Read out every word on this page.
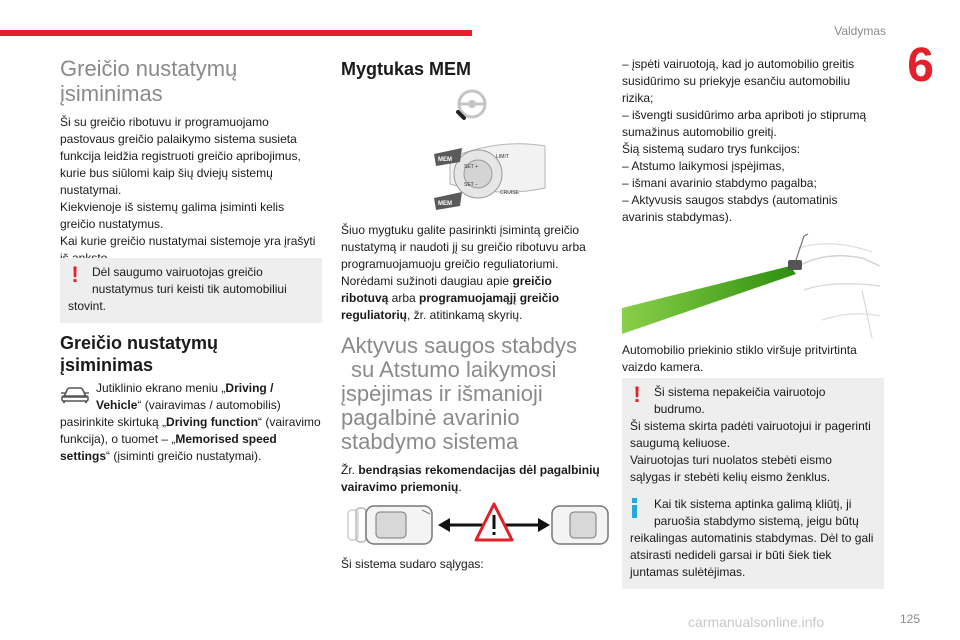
Valdymas
6
Greičio nustatymų
įsiminimas

Ši su greičio ribotuvu ir programuojamo
pastovaus greičio palaikymo sistema susieta
funkcija leidžia registruoti greičio apribojimus,
kurie bus siūlomi kaip šių dviejų sistemų
nustatymai.
Kiekvienoje iš sistemų galima įsiminti kelis
greičio nustatymus.
Kai kurie greičio nustatymai sistemoje yra įrašyti

!	Dėl saugumo vairuotojas greičio
nustatymus turi keisti tik automobiliui
stovint.
Greičio nustatymų
įsiminimas

Jutiklinio ekrano meniu „Driving /
Vehicle“ (vairavimas / automobilis)
pasirinkite skirtuką „Driving function“ (vairavimo
funkcija), o tuomet – „Memorised speed
settings“ (įsiminti greičio nustatymai).

Mygtukas MEM
MEM
MEM
SET +
SET −
LIMIT
CRUISE

Šiuo mygtuku galite pasirinkti įsimintą greičio
nustatymą ir naudoti jį su greičio ribotuvu arba
programuojamuoju greičio reguliatoriumi.
Norėdami sužinoti daugiau apie greičio
ribotuvą arba programuojamąjį greičio
reguliatorių, žr. atitinkamą skyrių.

Aktyvus saugos stabdys
su Atstumo laikymosi
įspėjimas ir išmanioji
pagalbinė avarinio
stabdymo sistema

Žr. bendrąsias rekomendacijas dėl pagalbinių
vairavimo priemonių.

Ši sistema sudaro sąlygas:

– įspėti vairuotoją, kad jo automobilio greitis
susidūrimo su priekyje esančiu automobiliu
rizika;
– išvengti susidūrimo arba apriboti jo stiprumą
sumažinus automobilio greitį.
Šią sistemą sudaro trys funkcijos:
– Atstumo laikymosi įspėjimas,
– išmani avarinio stabdymo pagalba;
– Aktyvusis saugos stabdys (automatinis
avarinis stabdymas).

Automobilio priekinio stiklo viršuje pritvirtinta
vaizdo kamera.

!	Ši sistema nepakeičia vairuotojo
budrumo.
Ši sistema skirta padėti vairuotojui ir pagerinti
saugumą keliuose.
Vairuotojas turi nuolatos stebėti eismo
sąlygas ir stebėti kelių eismo ženklus.
Kai tik sistema aptinka galimą kliūtį, ji
paruošia stabdymo sistemą, jeigu būtų
reikalingas automatinis stabdymas. Dėl to gali
atsirasti nedideli garsai ir būti šiek tiek
juntamas sulėtėjimas.
carmanualsonline.info	125
